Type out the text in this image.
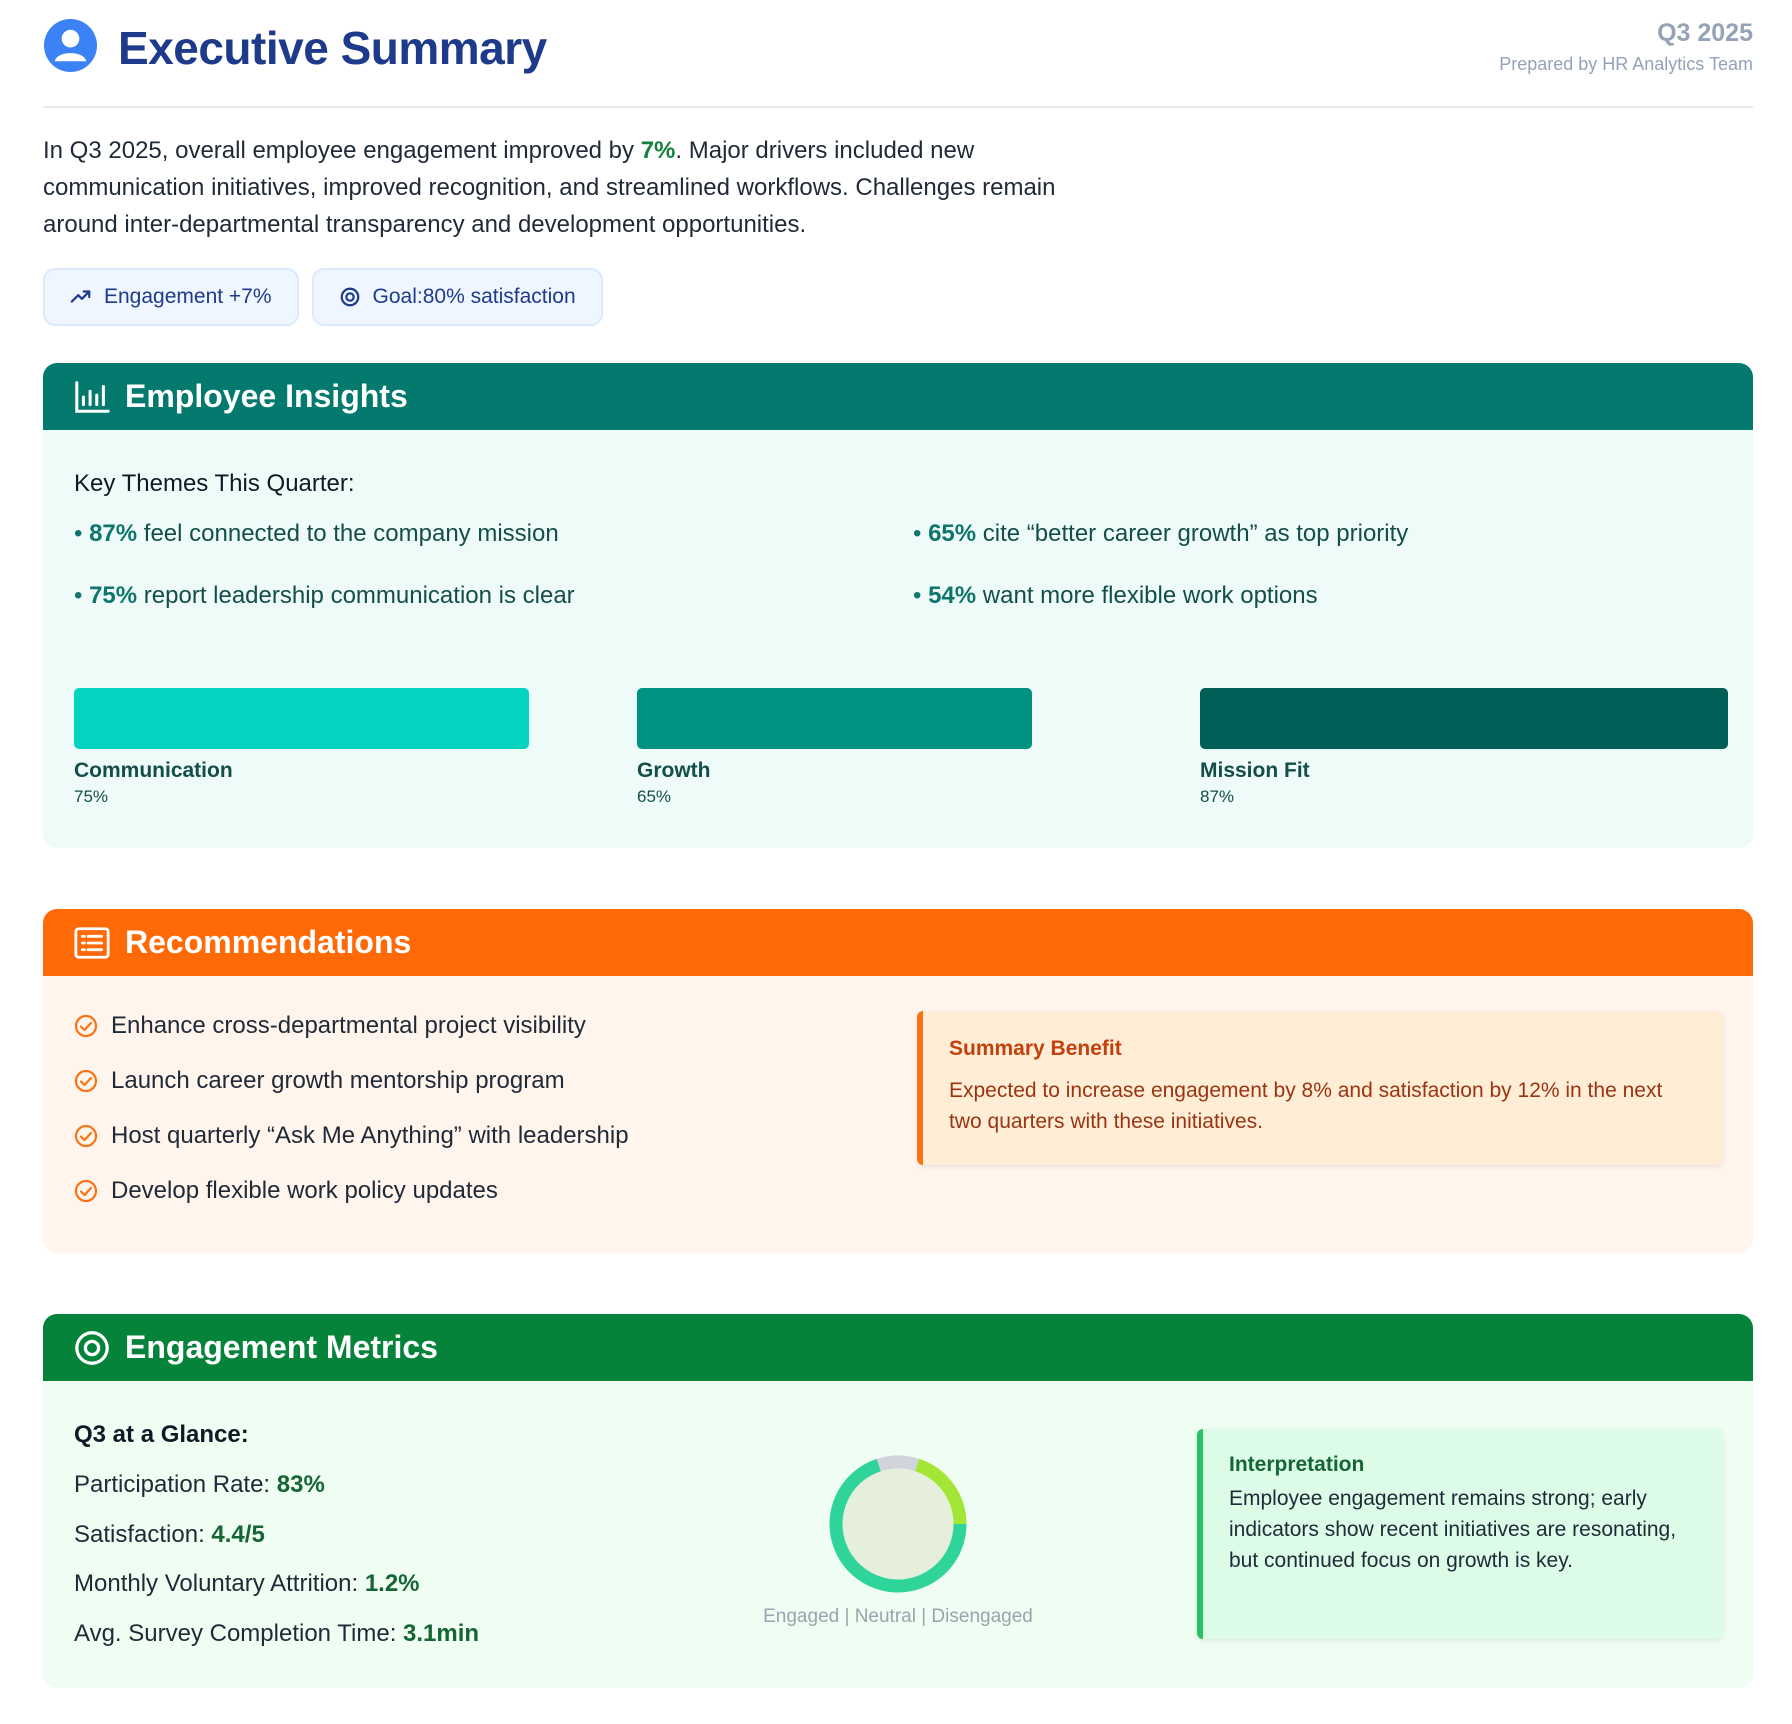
Executive Summary	Q3 2025
Prepared by HR Analytics Team

In Q3 2025, overall employee engagement improved by 7%. Major drivers included new communication initiatives, improved recognition, and streamlined workflows. Challenges remain around inter-departmental transparency and development opportunities.

Engagement +7%	Goal:80% satisfaction
Employee Insights
Key Themes This Quarter:
• 87% feel connected to the company mission	• 65% cite “better career growth” as top priority
• 75% report leadership communication is clear	• 54% want more flexible work options
Communication
75%
Growth
65%
Mission Fit
87%
Recommendations
Enhance cross-departmental project visibility
Launch career growth mentorship program
Host quarterly “Ask Me Anything” with leadership
Develop flexible work policy updates
Summary Benefit
Expected to increase engagement by 8% and satisfaction by 12% in the next two quarters with these initiatives.
Engagement Metrics
Q3 at a Glance:
Participation Rate: 83%
Satisfaction: 4.4/5
Monthly Voluntary Attrition: 1.2%
Avg. Survey Completion Time: 3.1min
Engaged | Neutral | Disengaged
Interpretation
Employee engagement remains strong; early indicators show recent initiatives are resonating, but continued focus on growth is key.
